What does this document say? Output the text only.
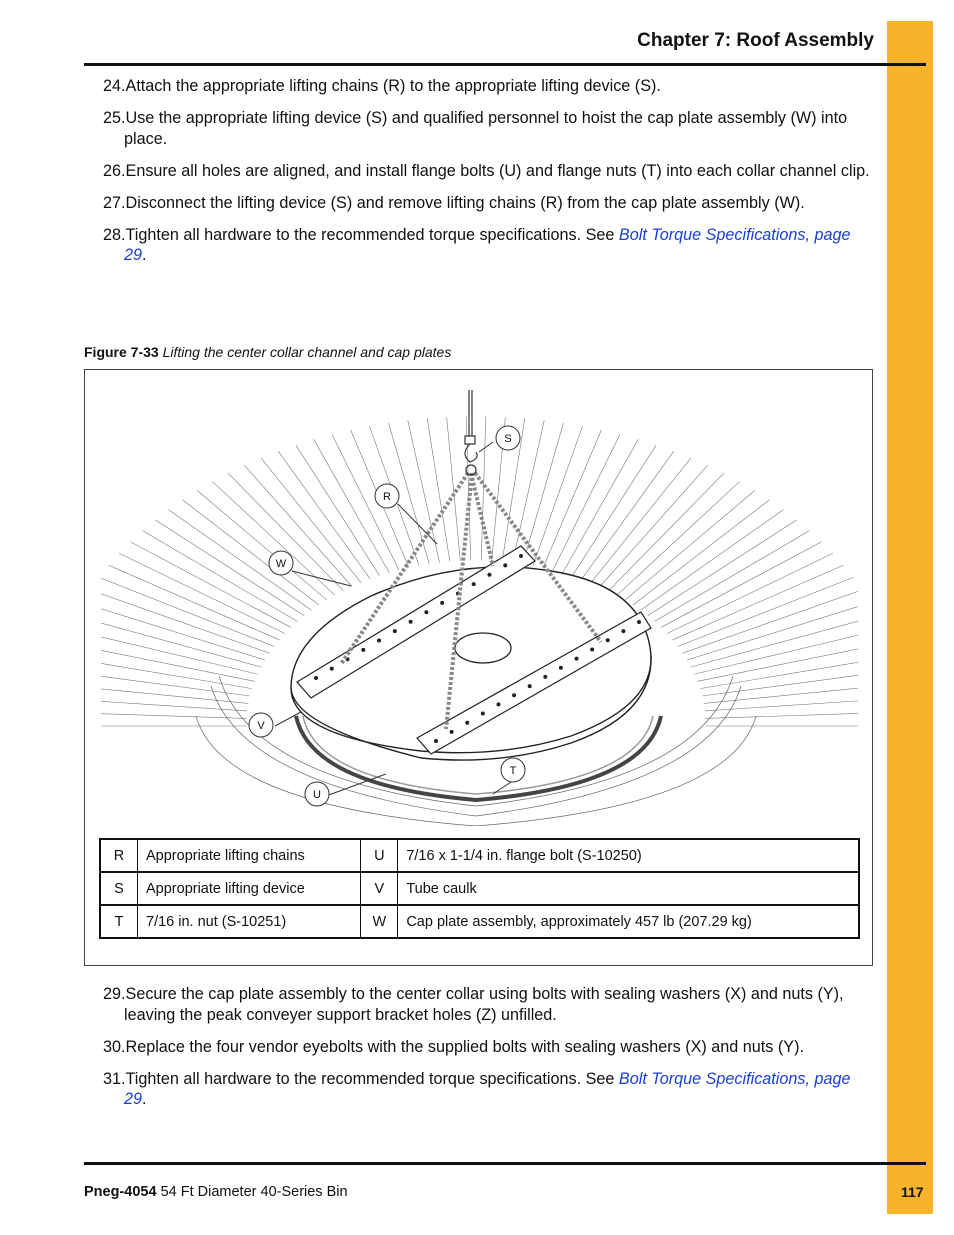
Chapter 7: Roof Assembly
24.Attach the appropriate lifting chains (R) to the appropriate lifting device (S).
25.Use the appropriate lifting device (S) and qualified personnel to hoist the cap plate assembly (W) into place.
26.Ensure all holes are aligned, and install flange bolts (U) and flange nuts (T) into each collar channel clip.
27.Disconnect the lifting device (S) and remove lifting chains (R) from the cap plate assembly (W).
28.Tighten all hardware to the recommended torque specifications. See Bolt Torque Specifications, page 29.
Figure 7-33 Lifting the center collar channel and cap plates
S
R
W
V
U
T
R	Appropriate lifting chains	U	7/16 x 1-1/4 in. flange bolt (S-10250)
S	Appropriate lifting device	V	Tube caulk
T	7/16 in. nut (S-10251)	W	Cap plate assembly, approximately 457 lb (207.29 kg)
29.Secure the cap plate assembly to the center collar using bolts with sealing washers (X) and nuts (Y), leaving the peak conveyer support bracket holes (Z) unfilled.
30.Replace the four vendor eyebolts with the supplied bolts with sealing washers (X) and nuts (Y).
31.Tighten all hardware to the recommended torque specifications. See Bolt Torque Specifications, page 29.
Pneg-4054 54 Ft Diameter 40-Series Bin	117
